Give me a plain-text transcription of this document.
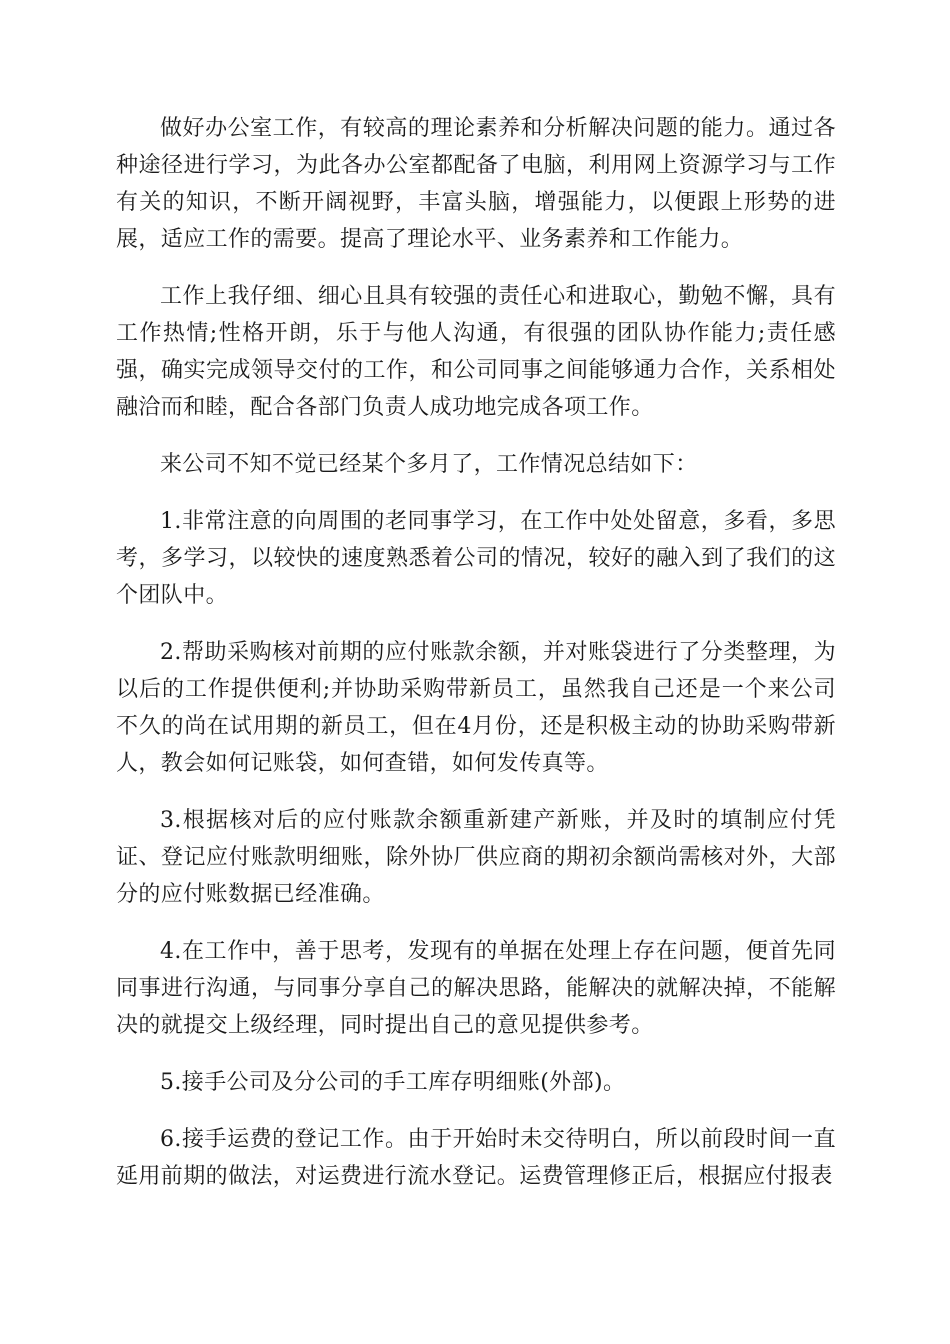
做好办公室工作，有较高的理论素养和分析解决问题的能力。通过各种途径进行学习，为此各办公室都配备了电脑，利用网上资源学习与工作有关的知识，不断开阔视野，丰富头脑，增强能力，以便跟上形势的进展，适应工作的需要。提高了理论水平、业务素养和工作能力。

工作上我仔细、细心且具有较强的责任心和进取心，勤勉不懈，具有工作热情;性格开朗，乐于与他人沟通，有很强的团队协作能力;责任感强，确实完成领导交付的工作，和公司同事之间能够通力合作，关系相处融洽而和睦，配合各部门负责人成功地完成各项工作。

来公司不知不觉已经某个多月了，工作情况总结如下：

1.非常注意的向周围的老同事学习，在工作中处处留意，多看，多思考，多学习，以较快的速度熟悉着公司的情况，较好的融入到了我们的这个团队中。

2.帮助采购核对前期的应付账款余额，并对账袋进行了分类整理，为以后的工作提供便利;并协助采购带新员工，虽然我自己还是一个来公司不久的尚在试用期的新员工，但在4月份，还是积极主动的协助采购带新人，教会如何记账袋，如何查错，如何发传真等。

3.根据核对后的应付账款余额重新建产新账，并及时的填制应付凭证、登记应付账款明细账，除外协厂供应商的期初余额尚需核对外，大部分的应付账数据已经准确。

4.在工作中，善于思考，发现有的单据在处理上存在问题，便首先同同事进行沟通，与同事分享自己的解决思路，能解决的就解决掉，不能解决的就提交上级经理，同时提出自己的意见提供参考。

5.接手公司及分公司的手工库存明细账(外部)。

6.接手运费的登记工作。由于开始时未交待明白，所以前段时间一直延用前期的做法，对运费进行流水登记。运费管理修正后，根据应付报表
